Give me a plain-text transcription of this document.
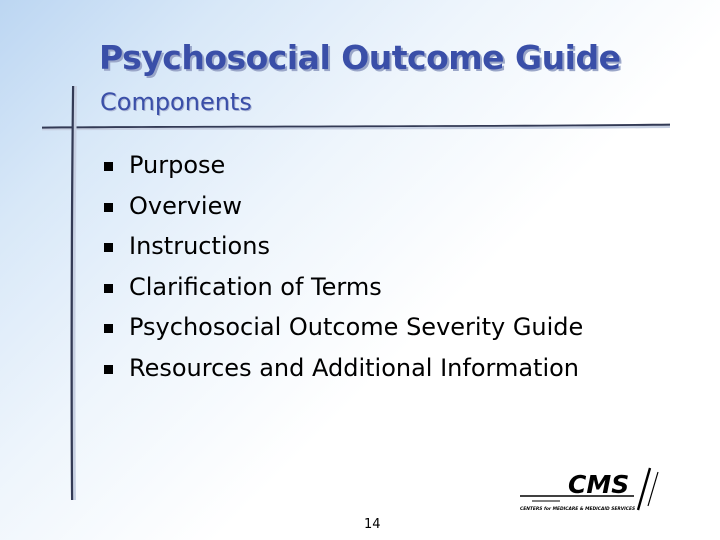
Psychosocial Outcome Guide
Components
Purpose
Overview
Instructions
Clarification of Terms
Psychosocial Outcome Severity Guide
Resources and Additional Information
CMS
CENTERS for MEDICARE & MEDICAID SERVICES
14
